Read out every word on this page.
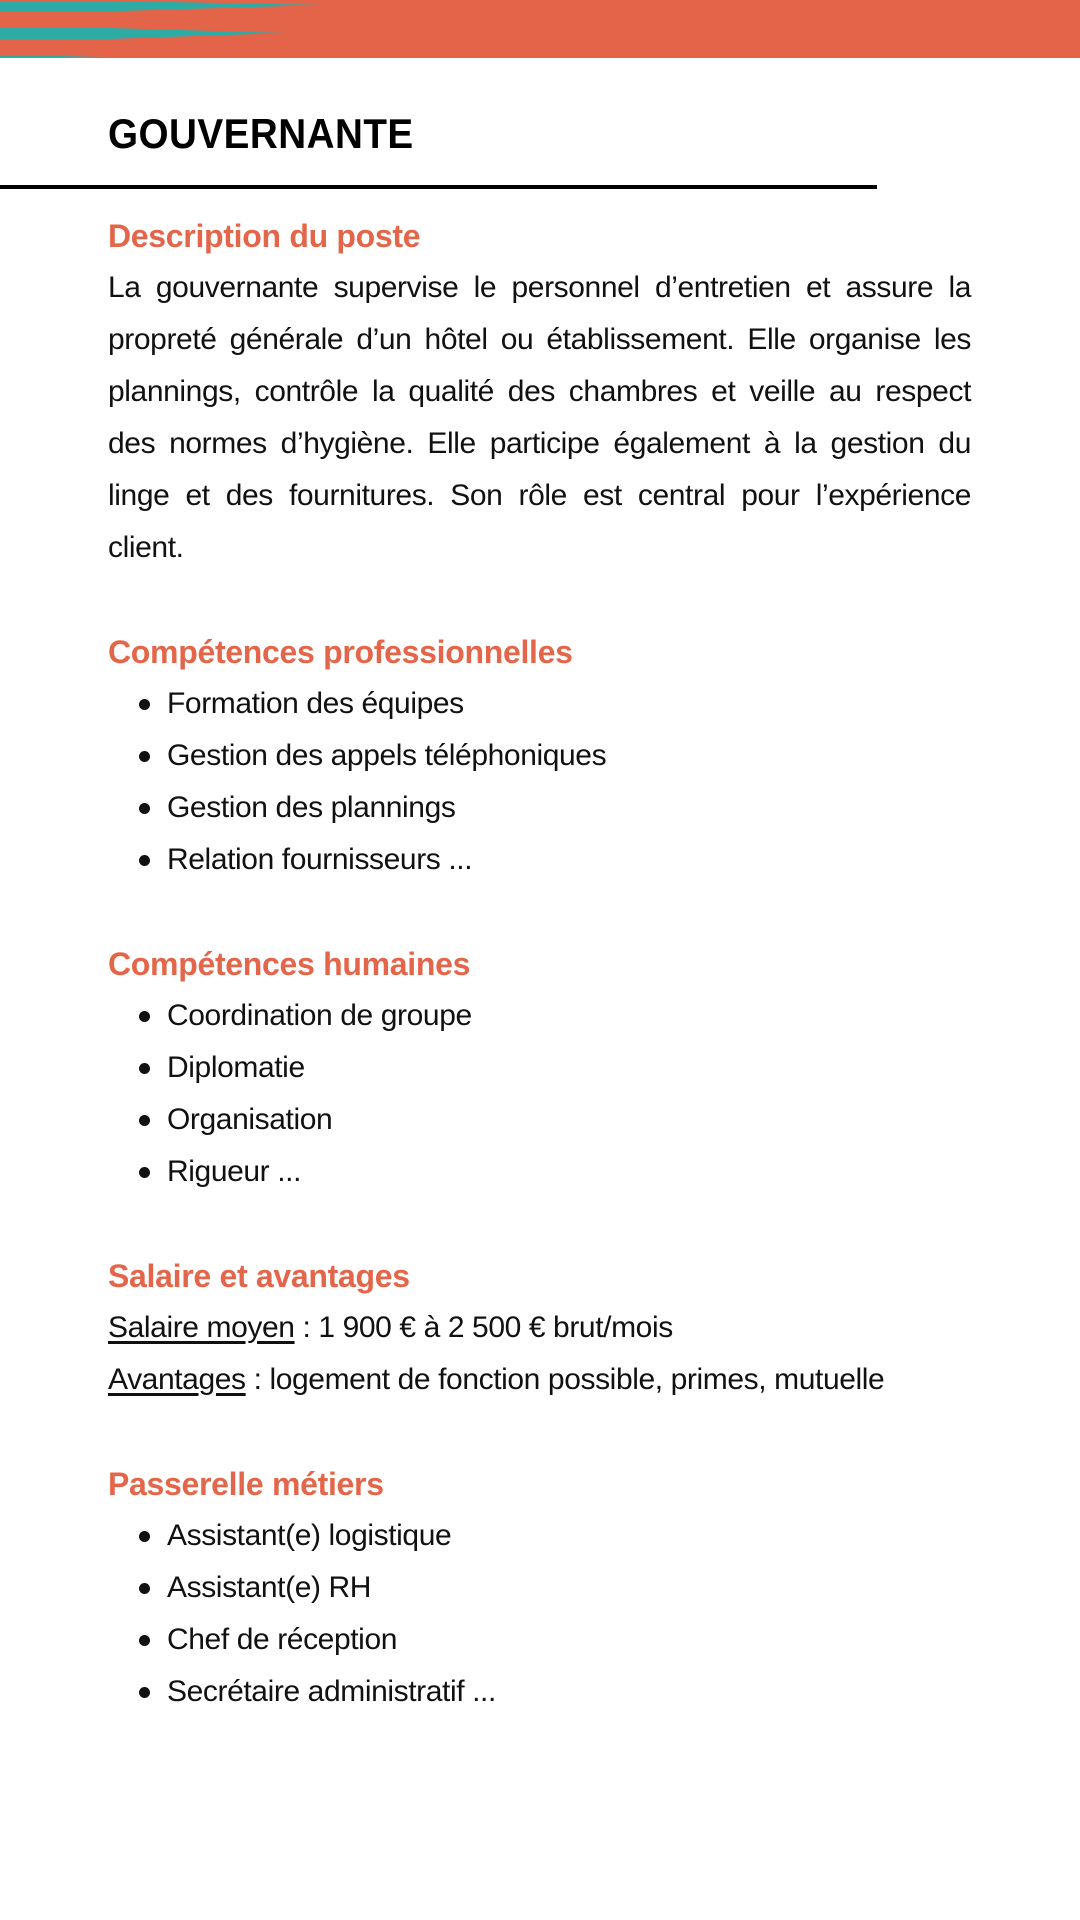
GOUVERNANTE
Description du poste

La gouvernante supervise le personnel d’entretien et assure la propreté générale d’un hôtel ou établissement. Elle organise les plannings, contrôle la qualité des chambres et veille au respect des normes d’hygiène. Elle participe également à la gestion du linge et des fournitures. Son rôle est central pour l’expérience client.

Compétences professionnelles
Formation des équipes
Gestion des appels téléphoniques
Gestion des plannings
Relation fournisseurs ...
Compétences humaines
Coordination de groupe
Diplomatie
Organisation
Rigueur ...
Salaire et avantages

Salaire moyen : 1 900 € à 2 500 € brut/mois

Avantages : logement de fonction possible, primes, mutuelle

Passerelle métiers
Assistant(e) logistique
Assistant(e) RH
Chef de réception
Secrétaire administratif ...
